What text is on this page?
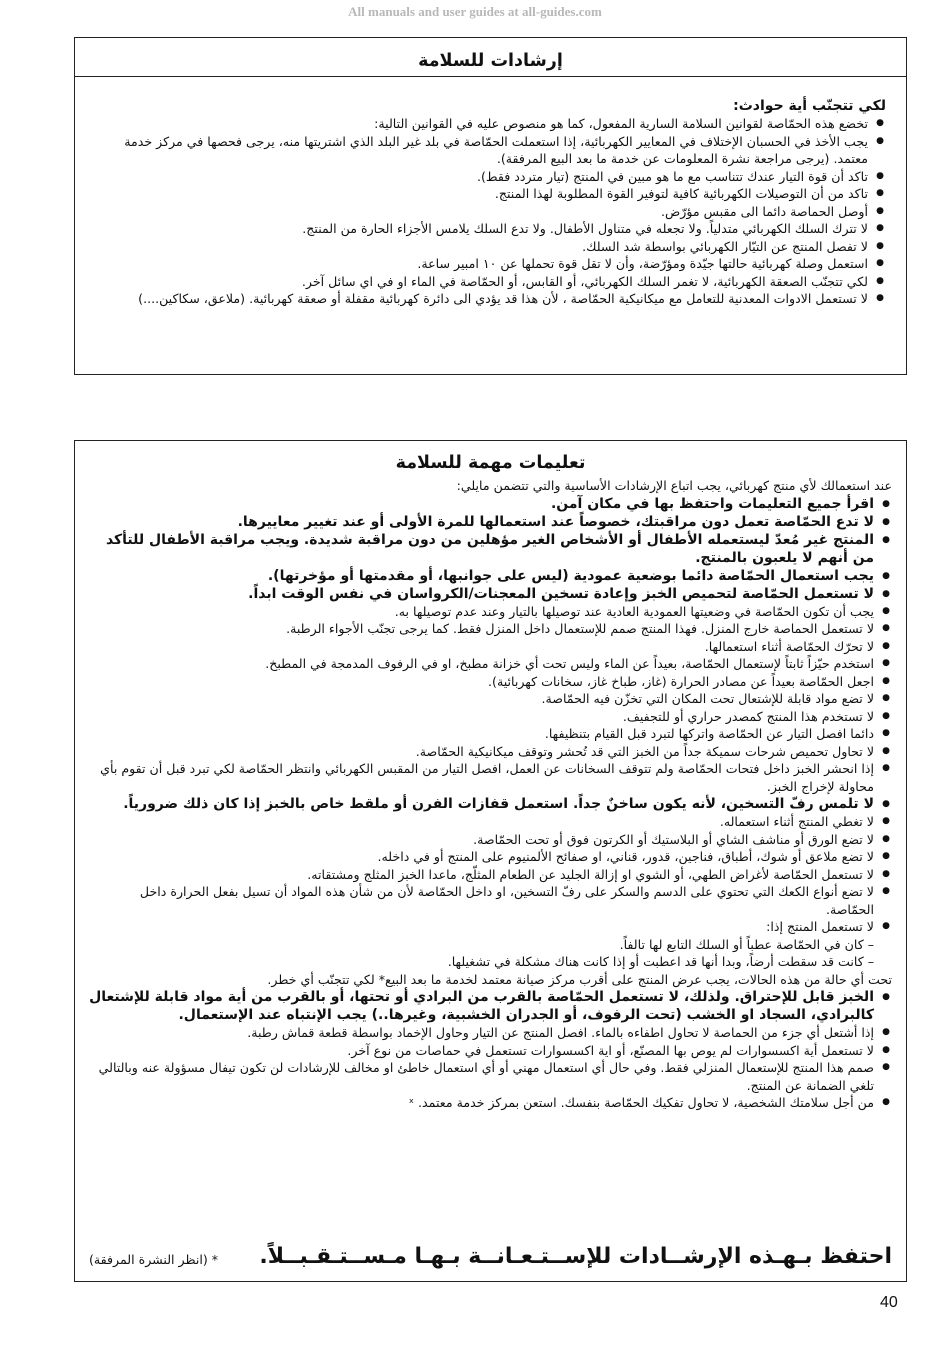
All manuals and user guides at all-guides.com
إرشادات للسلامة
لكي تتجنّب أية حوادث:
● تخضع هذه الحمّاصة لقوانين السلامة السارية المفعول، كما هو منصوص عليه في القوانين التالية:
● يجب الأخذ في الحسبان الإختلاف في المعايير الكهربائية، إذا استعملت الحمّاصة في بلد غير البلد الذي اشتريتها منه، يرجى فحصها في مركز خدمة معتمد. (يرجى مراجعة نشرة المعلومات عن خدمة ما بعد البيع المرفقة).
● تاكد أن قوة التيار عندك تتناسب مع ما هو مبين في المنتج (تيار متردد فقط).
● تاكد من أن التوصيلات الكهربائية كافية لتوفير القوة المطلوبة لهذا المنتج.
● أوصل الحماصة دائما الى مقبس مؤرّض.
● لا تترك السلك الكهربائي متدلياً. ولا تجعله في متناول الأطفال. ولا تدع السلك يلامس الأجزاء الحارة من المنتج.
● لا تفصل المنتج عن التيّار الكهربائي بواسطة شد السلك.
● استعمل وصلة كهربائية حالتها جيّدة ومؤرّضة، وأن لا تقل قوة تحملها عن ١٠ امبير ساعة.
● لكي تتجنّب الصعقة الكهربائية، لا تغمر السلك الكهربائي، أو القابس، أو الحمّاصة في الماء او في اي سائل آخر.
● لا تستعمل الادوات المعدنية للتعامل مع ميكانيكية الحمّاصة ، لأن هذا قد يؤدي الى دائرة كهربائية مقفلة أو صعقة كهربائية. (ملاعق، سكاكين....)
تعليمات مهمة للسلامة
عند استعمالك لأي منتج كهربائي، يجب اتباع الإرشادات الأساسية والتي تتضمن مايلي:
● اقرأ جميع التعليمات واحتفظ بها في مكان آمن.
● لا تدع الحمّاصة تعمل دون مراقبتك، خصوصاً عند استعمالها للمرة الأولى أو عند تغيير معاييرها.
● المنتج غير مُعدّ ليستعمله الأطفال أو الأشخاص الغير مؤهلين من دون مراقبة شديدة. ويجب مراقبة الأطفال للتأكد من أنهم لا يلعبون بالمنتج.
● يجب استعمال الحمّاصة دائما بوضعية عمودية (ليس على جوانبها، أو مقدمتها أو مؤخرتها).
● لا تستعمل الحمّاصة لتحميص الخبز وإعادة تسخين المعجنات/الكرواسان في نفس الوقت ابداً.
● يجب أن تكون الحمّاصة في وضعيتها العمودية العادية عند توصيلها بالتيار وعند عدم توصيلها به.
● لا تستعمل الحماصة خارج المنزل. فهذا المنتج صمم للإستعمال داخل المنزل فقط. كما يرجى تجنّب الأجواء الرطبة.
● لا تحرّك الحمّاصة أثناء استعمالها.
● استخدم حيّزاً ثابتاً لإستعمال الحمّاصة، بعيداً عن الماء وليس تحت أي خزانة مطبخ، او في الرفوف المدمجة في المطبخ.
● اجعل الحمّاصة بعيداً عن مصادر الحرارة (غاز، طباخ غاز، سخانات كهربائية).
● لا تضع مواد قابلة للإشتعال تحت المكان التي تخزّن فيه الحمّاصة.
● لا تستخدم هذا المنتج كمصدر حراري أو للتجفيف.
● دائما افصل التيار عن الحمّاصة واتركها لتبرد قبل القيام بتنظيفها.
● لا تحاول تحميص شرحات سميكة جداً من الخبز التي قد تُحشر وتوقف ميكانيكية الحمّاصة.
● إذا انحشر الخبز داخل فتحات الحمّاصة ولم تتوقف السخانات عن العمل، افصل التيار من المقبس الكهربائي وانتظر الحمّاصة لكي تبرد قبل أن تقوم بأي محاولة لإخراج الخبز.
● لا تلمس رفّ التسخين، لأنه يكون ساخنٌ جداً. استعمل قفازات الفرن أو ملقط خاص بالخبز إذا كان ذلك ضرورياً.
● لا تغطي المنتج أثناء استعماله.
● لا تضع الورق أو مناشف الشاي أو البلاستيك أو الكرتون فوق أو تحت الحمّاصة.
● لا تضع ملاعق أو شوك، أطباق، فناجين، قدور، قناني، او صفائح الألمنيوم على المنتج أو في داخله.
● لا تستعمل الحمّاصة لأغراض الطهي، أو الشوي او إزالة الجليد عن الطعام المثلّج، ماعدا الخبز المثلج ومشتقاته.
● لا تضع أنواع الكعك التي تحتوي على الدسم والسكر على رفّ التسخين، او داخل الحمّاصة لأن من شأن هذه المواد أن تسيل بفعل الحرارة داخل الحمّاصة.
● لا تستعمل المنتج إذا:
– كان في الحمّاصة عطباً أو السلك التابع لها تالفاً.
– كانت قد سقطت أرضاً، وبدا أنها قد اعطبت أو إذا كانت هناك مشكلة في تشغيلها.
تحت أي حالة من هذه الحالات، يجب عرض المنتج على أقرب مركز صيانة معتمد لخدمة ما بعد البيع* لكي تتجنّب أي خطر.
● الخبز قابل للإحتراق. ولذلك، لا تستعمل الحمّاصة بالقرب من البرادي أو تحتها، أو بالقرب من أية مواد قابلة للإشتعال كالبرادي، السجاد او الخشب (تحت الرفوف، أو الجدران الخشبية، وغيرها..) يجب الإنتباه عند الإستعمال.
● إذا أشتعل أي جزء من الحماصة لا تحاول اطفاءه بالماء. افصل المنتج عن التيار وحاول الإخماد بواسطة قطعة قماش رطبة.
● لا تستعمل أية اكسسوارات لم يوص بها المصنّع، أو اية اكسسوارات تستعمل في حماصات من نوع آخر.
● صمم هذا المنتج للإستعمال المنزلي فقط. وفي حال أي استعمال مهني أو أي استعمال خاطئ او مخالف للإرشادات لن تكون تيفال مسؤولة عنه وبالتالي تلغي الضمانة عن المنتج.
● من أجل سلامتك الشخصية، لا تحاول تفكيك الحمّاصة بنفسك. استعن بمركز خدمة معتمد. ˣ
احتفظ بـهـذه الإرشــادات للإســتـعـانــة بـهـا مـســتـقـبــلاً.
* (انظر النشرة المرفقة)
40
